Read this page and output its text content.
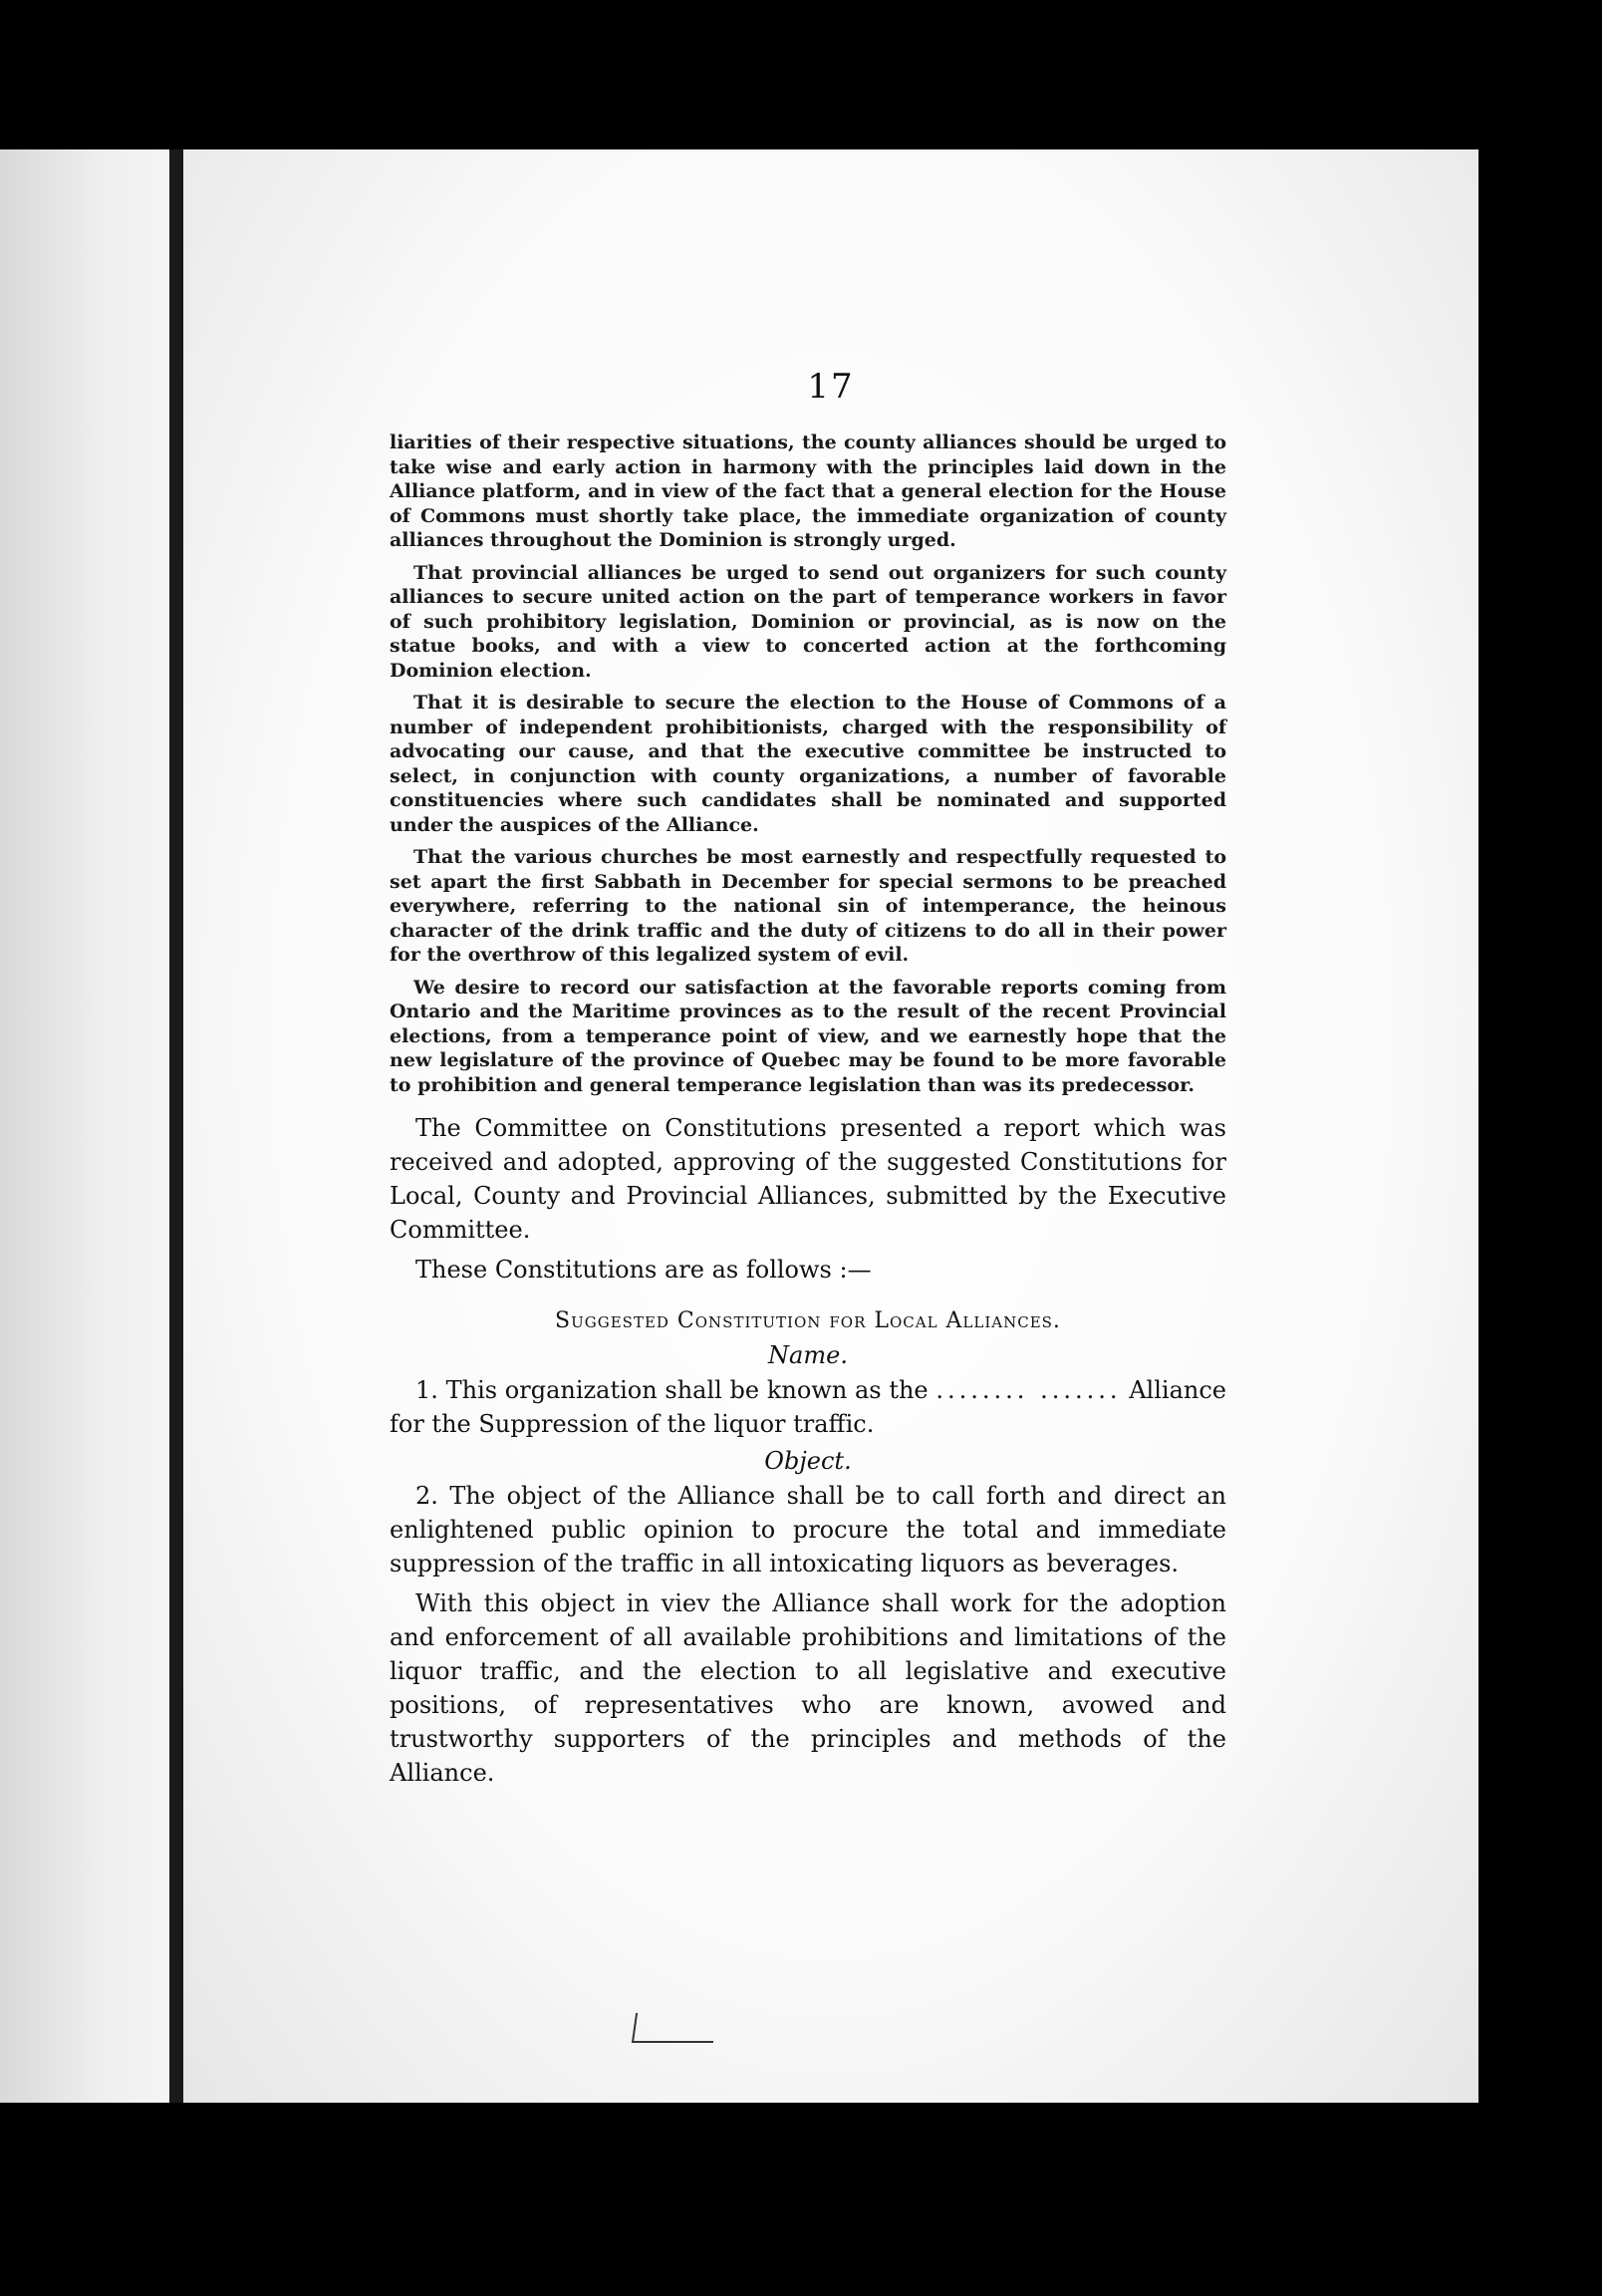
17

liarities of their respective situations, the county alliances should be urged to take wise and early action in harmony with the principles laid down in the Alliance platform, and in view of the fact that a general election for the House of Commons must shortly take place, the immediate organization of county alliances throughout the Dominion is strongly urged.

That provincial alliances be urged to send out organizers for such county alliances to secure united action on the part of temperance workers in favor of such prohibitory legislation, Dominion or provincial, as is now on the statue books, and with a view to concerted action at the forthcoming Dominion election.

That it is desirable to secure the election to the House of Commons of a number of independent prohibitionists, charged with the responsibility of advocating our cause, and that the executive committee be instructed to select, in conjunction with county organizations, a number of favorable constituencies where such candidates shall be nominated and supported under the auspices of the Alliance.

That the various churches be most earnestly and respectfully requested to set apart the first Sabbath in December for special sermons to be preached everywhere, referring to the national sin of intemperance, the heinous character of the drink traffic and the duty of citizens to do all in their power for the overthrow of this legalized system of evil.

We desire to record our satisfaction at the favorable reports coming from Ontario and the Maritime provinces as to the result of the recent Provincial elections, from a temperance point of view, and we earnestly hope that the new legislature of the province of Quebec may be found to be more favorable to prohibition and general temperance legislation than was its predecessor.

The Committee on Constitutions presented a report which was received and adopted, approving of the suggested Constitutions for Local, County and Provincial Alliances, submitted by the Executive Committee.

These Constitutions are as follows :—

Suggested Constitution for Local Alliances.
Name.

1. This organization shall be known as the ........ ....... Alliance for the Suppression of the liquor traffic.

Object.

2. The object of the Alliance shall be to call forth and direct an enlightened public opinion to procure the total and immediate suppression of the traffic in all intoxicating liquors as beverages.

With this object in viev the Alliance shall work for the adoption and enforcement of all available prohibitions and limitations of the liquor traffic, and the election to all legislative and executive positions, of representatives who are known, avowed and trustworthy supporters of the principles and methods of the Alliance.
